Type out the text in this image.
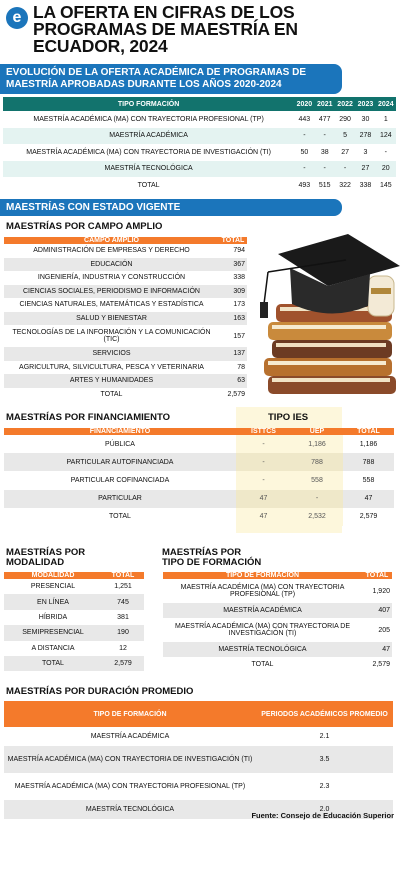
e LA OFERTA EN CIFRAS DE LOS PROGRAMAS DE MAESTRÍA EN ECUADOR, 2024
EVOLUCIÓN DE LA OFERTA ACADÉMICA DE PROGRAMAS DE MAESTRÍA APROBADAS DURANTE LOS AÑOS 2020-2024
TIPO FORMACIÓN	2020	2021	2022	2023	2024
MAESTRÍA ACADÉMICA (MA) CON TRAYECTORIA PROFESIONAL (TP)	443	477	290	30	1
MAESTRÍA ACADÉMICA	-	-	5	278	124
MAESTRÍA ACADÉMICA (MA) CON TRAYECTORIA DE INVESTIGACIÓN (TI)	50	38	27	3	-
MAESTRÍA TECNOLÓGICA	-	-	-	27	20
TOTAL	493	515	322	338	145
MAESTRÍAS CON ESTADO VIGENTE
MAESTRÍAS POR CAMPO AMPLIO
CAMPO AMPLIO	TOTAL
ADMINISTRACIÓN DE EMPRESAS Y DERECHO	794
EDUCACIÓN	367
INGENIERÍA, INDUSTRIA Y CONSTRUCCIÓN	338
CIENCIAS SOCIALES, PERIODISMO E INFORMACIÓN	309
CIENCIAS NATURALES, MATEMÁTICAS Y ESTADÍSTICA	173
SALUD Y BIENESTAR	163
TECNOLOGÍAS DE LA INFORMACIÓN Y LA COMUNICACIÓN (TIC)	157
SERVICIOS	137
AGRICULTURA, SILVICULTURA, PESCA Y VETERINARIA	78
ARTES Y HUMANIDADES	63
TOTAL	2,579
MAESTRÍAS POR FINANCIAMIENTO	TIPO IES
FINANCIAMIENTO	ISTTCS	UEP	TOTAL
PÚBLICA	-	1,186	1,186
PARTICULAR AUTOFINANCIADA	-	788	788
PARTICULAR COFINANCIADA	-	558	558
PARTICULAR	47	-	47
TOTAL	47	2,532	2,579
MAESTRÍAS POR
MODALIDAD
MODALIDAD	TOTAL
PRESENCIAL	1,251
EN LÍNEA	745
HÍBRIDA	381
SEMIPRESENCIAL	190
A DISTANCIA	12
TOTAL	2,579
MAESTRÍAS POR
TIPO DE FORMACIÓN
TIPO DE FORMACIÓN	TOTAL
MAESTRÍA ACADÉMICA (MA) CON TRAYECTORIA PROFESIONAL (TP)	1,920
MAESTRÍA ACADÉMICA	407
MAESTRÍA ACADÉMICA (MA) CON TRAYECTORIA DE INVESTIGACIÓN (TI)	205
MAESTRÍA TECNOLÓGICA	47
TOTAL	2,579
MAESTRÍAS POR DURACIÓN PROMEDIO
TIPO DE FORMACIÓN	PERIODOS ACADÉMICOS PROMEDIO
MAESTRÍA ACADÉMICA	2.1
MAESTRÍA ACADÉMICA (MA) CON TRAYECTORIA DE INVESTIGACIÓN (TI)	3.5
MAESTRÍA ACADÉMICA (MA) CON TRAYECTORIA PROFESIONAL (TP)	2.3
MAESTRÍA TECNOLÓGICA	2.0
Fuente: Consejo de Educación Superior
